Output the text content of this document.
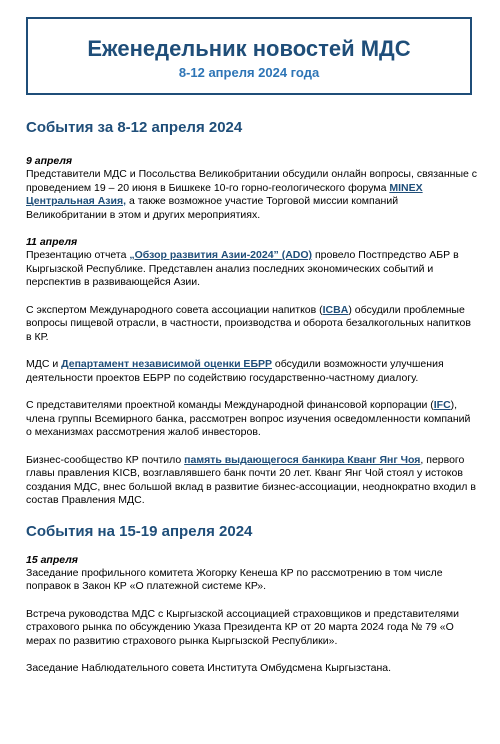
Еженедельник новостей МДС
8-12 апреля 2024 года
События за 8-12 апреля 2024

9 апреля

Представители МДС и Посольства Великобритании обсудили онлайн вопросы, связанные с проведением 19 – 20 июня в Бишкеке 10-го горно-геологического форума MINEX Центральная Азия, а также возможное участие Торговой миссии компаний Великобритании в этом и других мероприятиях.

11 апреля

Презентацию отчета „Обзор развития Азии-2024” (ADO) провело Постпредство АБР в Кыргызской Республике. Представлен анализ последних экономических событий и перспектив в развивающейся Азии.

С экспертом Международного совета ассоциации напитков (ICBA) обсудили проблемные вопросы пищевой отрасли, в частности, производства и оборота безалкогольных напитков в КР.

МДС и Департамент независимой оценки ЕБРР обсудили возможности улучшения деятельности проектов ЕБРР по содействию государственно-частному диалогу.

С представителями проектной команды Международной финансовой корпорации (IFC), члена группы Всемирного банка, рассмотрен вопрос изучения осведомленности компаний о механизмах рассмотрения жалоб инвесторов.

Бизнес-сообщество КР почтило память выдающегося банкира Кванг Янг Чоя, первого главы правления KICB, возглавлявшего банк почти 20 лет. Кванг Янг Чой стоял у истоков создания МДС, внес большой вклад в развитие бизнес-ассоциации, неоднократно входил в состав Правления МДС.

События на 15-19 апреля 2024

15 апреля

Заседание профильного комитета Жогорку Кенеша КР по рассмотрению в том числе поправок в Закон КР «О платежной системе КР».

Встреча руководства МДС с Кыргызской ассоциацией страховщиков и представителями страхового рынка по обсуждению Указа Президента КР от 20 марта 2024 года № 79 «О мерах по развитию страхового рынка Кыргызской Республики».

Заседание Наблюдательного совета Института Омбудсмена Кыргызстана.
